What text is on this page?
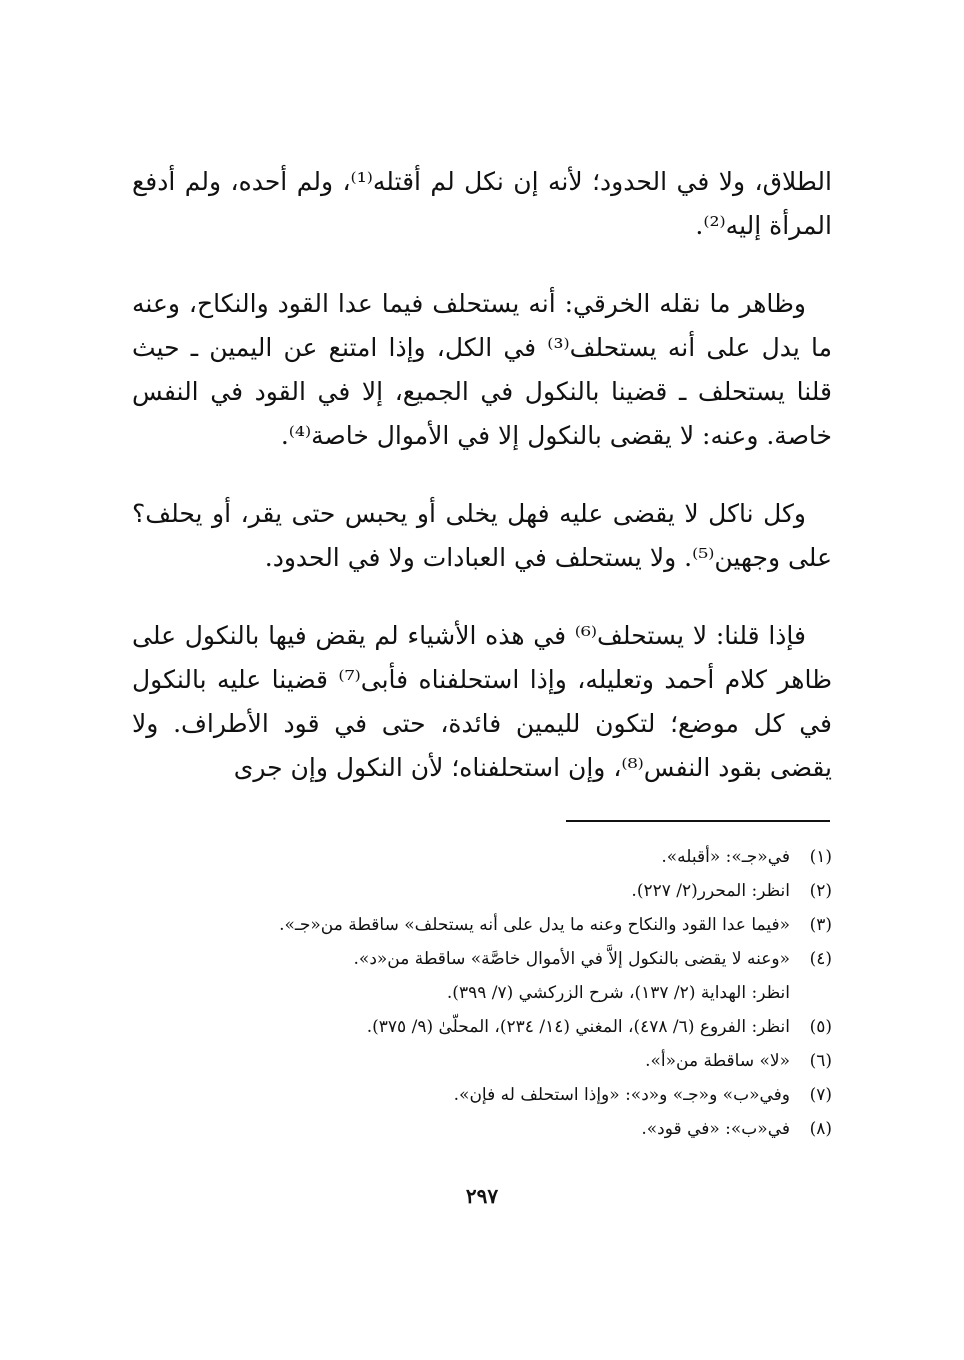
الطلاق، ولا في الحدود؛ لأنه إن نكل لم أقتله⁽¹⁾، ولم أحده، ولم أدفع المرأة إليه⁽²⁾.

وظاهر ما نقله الخرقي: أنه يستحلف فيما عدا القود والنكاح، وعنه ما يدل على أنه يستحلف⁽³⁾ في الكل، وإذا امتنع عن اليمين ـ حيث قلنا يستحلف ـ قضينا بالنكول في الجميع، إلا في القود في النفس خاصة. وعنه: لا يقضى بالنكول إلا في الأموال خاصة⁽⁴⁾.

وكل ناكل لا يقضى عليه فهل يخلى أو يحبس حتى يقر، أو يحلف؟ على وجهين⁽⁵⁾. ولا يستحلف في العبادات ولا في الحدود.

فإذا قلنا: لا يستحلف⁽⁶⁾ في هذه الأشياء لم يقض فيها بالنكول على ظاهر كلام أحمد وتعليله، وإذا استحلفناه فأبى⁽⁷⁾ قضينا عليه بالنكول في كل موضع؛ لتكون لليمين فائدة، حتى في قود الأطراف. ولا يقضى بقود النفس⁽⁸⁾، وإن استحلفناه؛ لأن النكول وإن جرى

(١)
في«جـ»: «أقبله».
(٢)
انظر: المحرر(٢/ ٢٢٧).
(٣)
«فيما عدا القود والنكاح وعنه ما يدل على أنه يستحلف» ساقطة من«جـ».
(٤)
«وعنه لا يقضى بالنكول إلاَّ في الأموال خاصَّة» ساقطة من«د».
انظر: الهداية (٢/ ١٣٧)، شرح الزركشي (٧/ ٣٩٩).
(٥)
انظر: الفروع (٦/ ٤٧٨)، المغني (١٤/ ٢٣٤)، المحلّىٰ (٩/ ٣٧٥).
(٦)
«لا» ساقطة من«أ».
(٧)
وفي«ب» و«جـ» و«د»: «وإذا استحلف له فإن».
(٨)
في«ب»: «في قود».
٢٩٧
